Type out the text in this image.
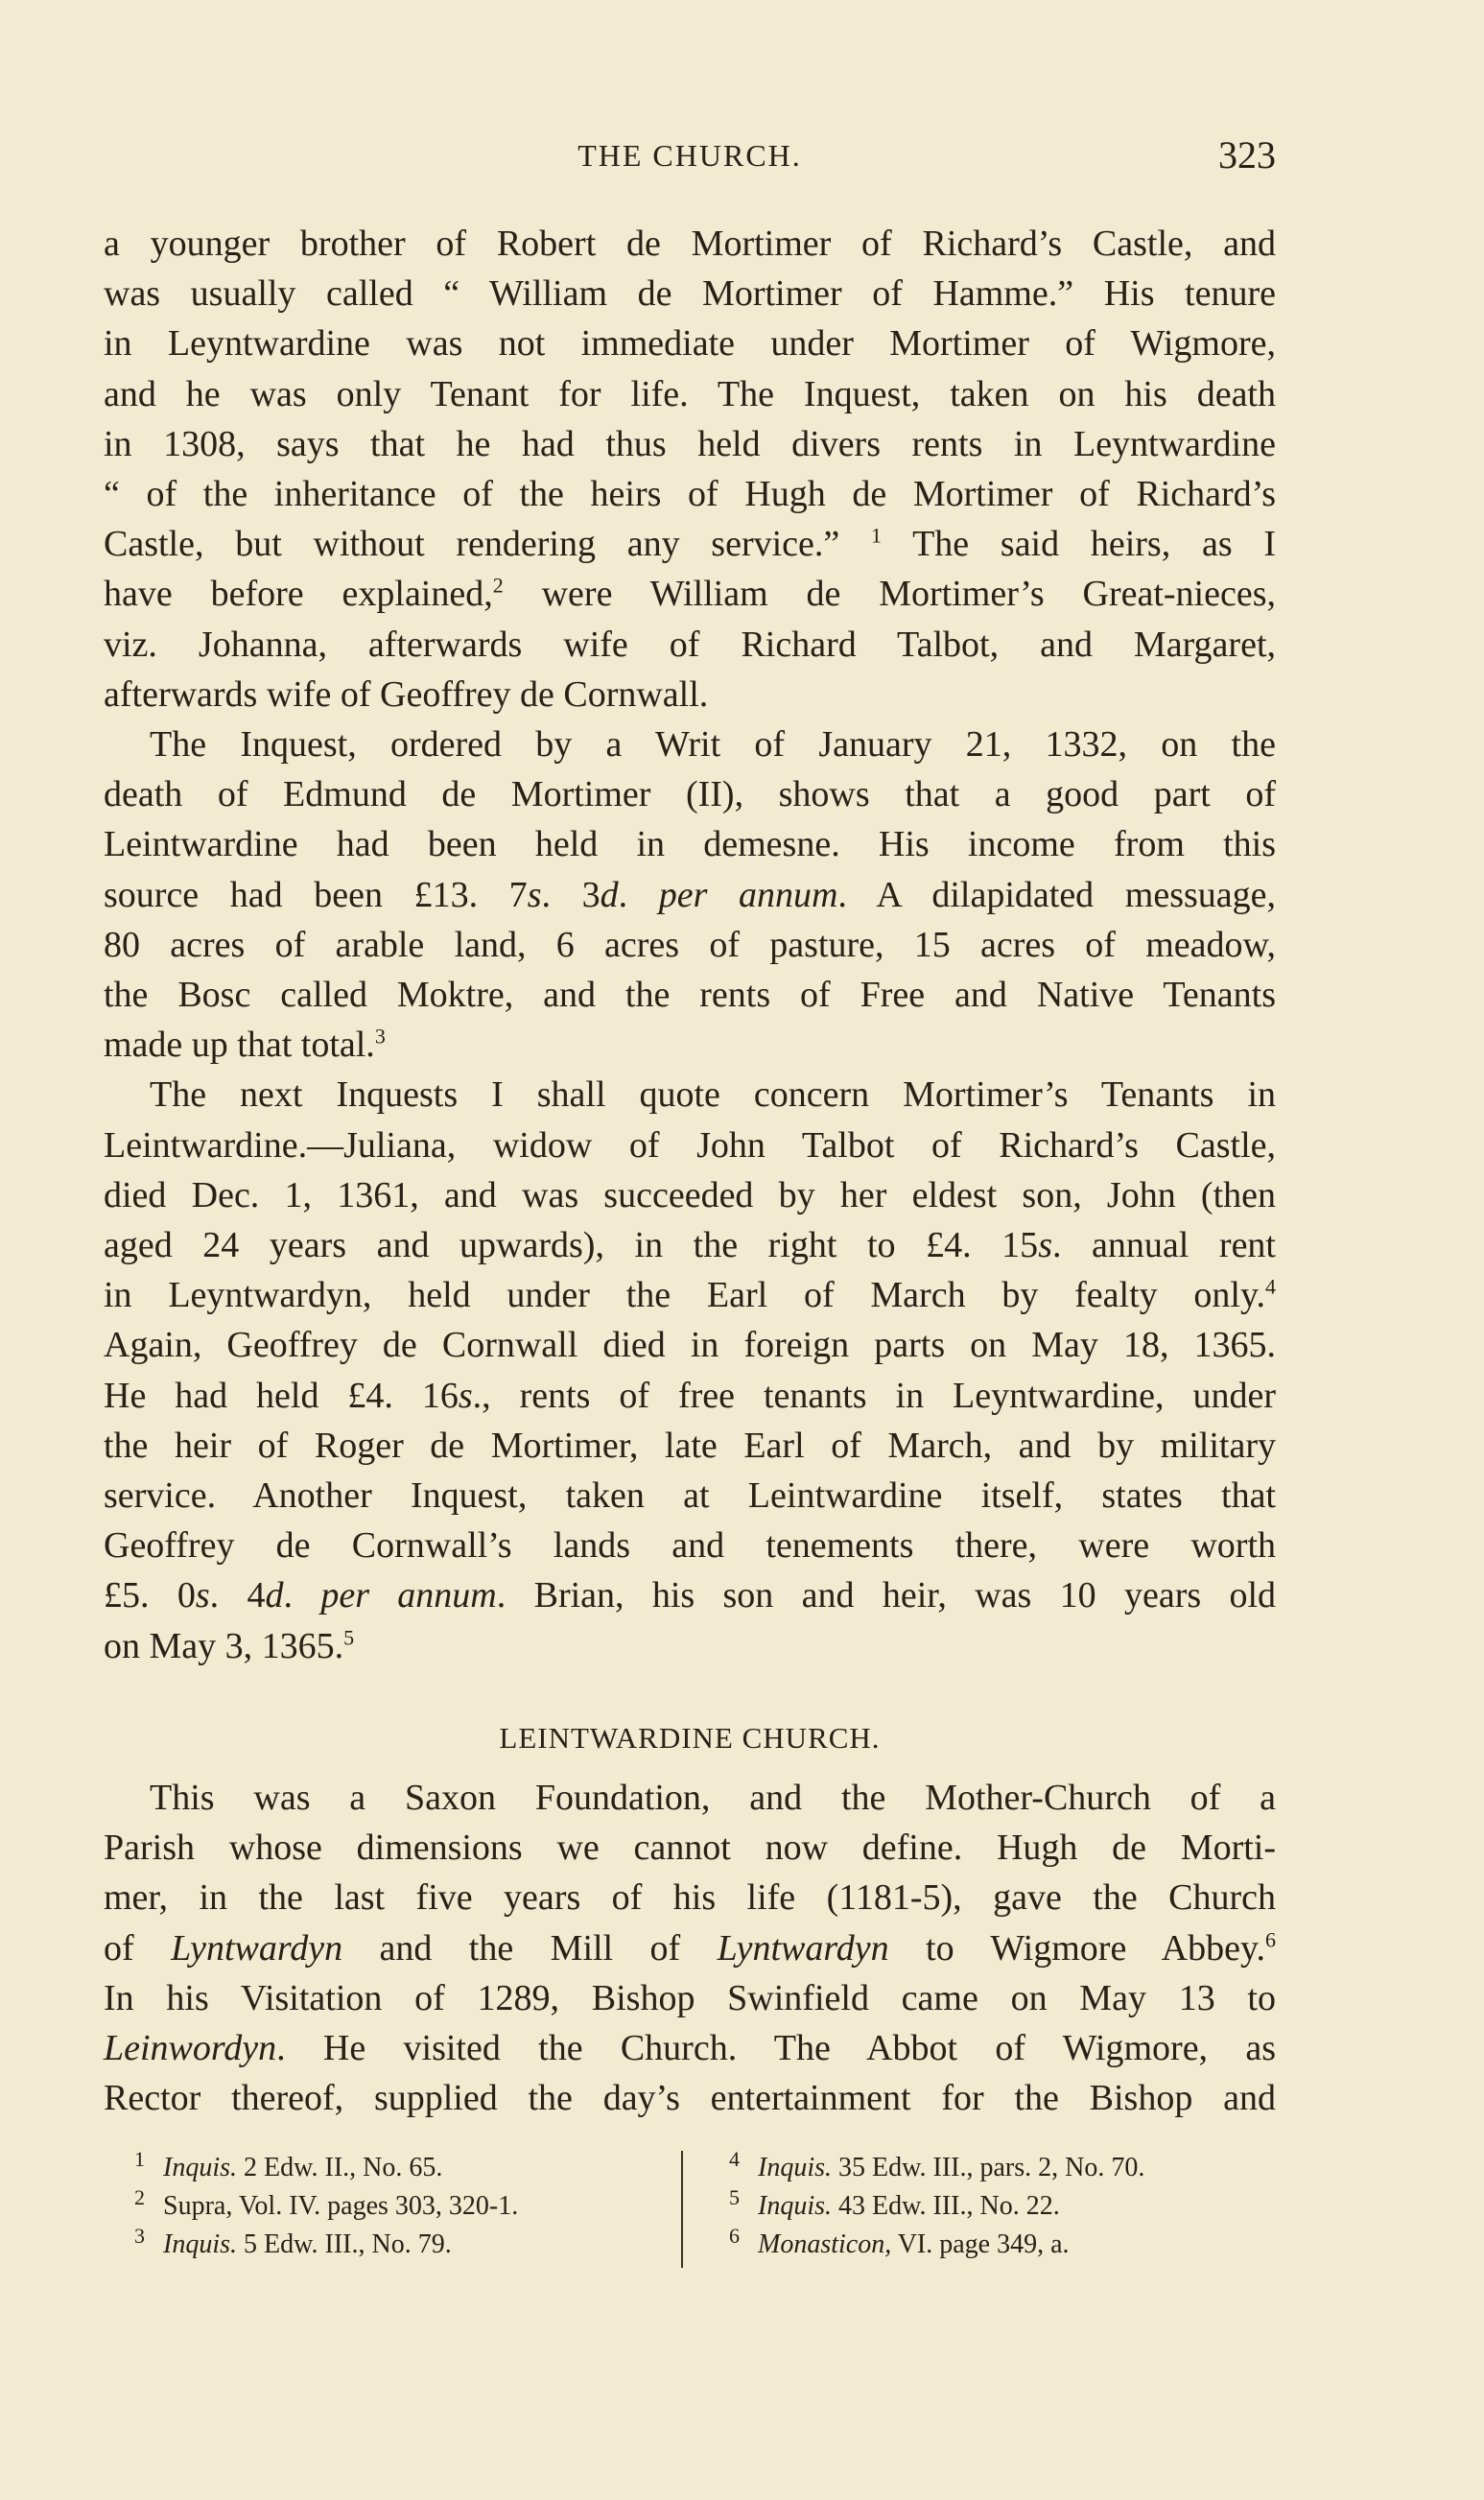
THE CHURCH.	323

a younger brother of Robert de Mortimer of Richard’s Castle, and
was usually called “ William de Mortimer of Hamme.” His tenure
in Leyntwardine was not immediate under Mortimer of Wigmore,
and he was only Tenant for life. The Inquest, taken on his death
in 1308, says that he had thus held divers rents in Leyntwardine
“ of the inheritance of the heirs of Hugh de Mortimer of Richard’s
Castle, but without rendering any service.” $^1$ The said heirs, as I
have before explained,$^2$ were William de Mortimer’s Great-nieces,
viz. Johanna, afterwards wife of Richard Talbot, and Margaret,
afterwards wife of Geoffrey de Cornwall.

The Inquest, ordered by a Writ of January 21, 1332, on the
death of Edmund de Mortimer (II), shows that a good part of
Leintwardine had been held in demesne. His income from this
source had been £13. 7s. 3d. per annum. A dilapidated messuage,
80 acres of arable land, 6 acres of pasture, 15 acres of meadow,
the Bosc called Moktre, and the rents of Free and Native Tenants
made up that total.$^3$

The next Inquests I shall quote concern Mortimer’s Tenants in
Leintwardine.—Juliana, widow of John Talbot of Richard’s Castle,
died Dec. 1, 1361, and was succeeded by her eldest son, John (then
aged 24 years and upwards), in the right to £4. 15s. annual rent
in Leyntwardyn, held under the Earl of March by fealty only.$^4$
Again, Geoffrey de Cornwall died in foreign parts on May 18, 1365.
He had held £4. 16s., rents of free tenants in Leyntwardine, under
the heir of Roger de Mortimer, late Earl of March, and by military
service. Another Inquest, taken at Leintwardine itself, states that
Geoffrey de Cornwall’s lands and tenements there, were worth
£5. 0s. 4d. per annum. Brian, his son and heir, was 10 years old
on May 3, 1365.$^5$

LEINTWARDINE CHURCH.

This was a Saxon Foundation, and the Mother-Church of a
Parish whose dimensions we cannot now define. Hugh de Morti-
mer, in the last five years of his life (1181-5), gave the Church
of Lyntwardyn and the Mill of Lyntwardyn to Wigmore Abbey.$^6$
In his Visitation of 1289, Bishop Swinfield came on May 13 to
Leinwordyn. He visited the Church. The Abbot of Wigmore, as
Rector thereof, supplied the day’s entertainment for the Bishop and

1 Inquis. 2 Edw. II., No. 65.
2 Supra, Vol. IV. pages 303, 320-1.
3 Inquis. 5 Edw. III., No. 79.
4 Inquis. 35 Edw. III., pars. 2, No. 70.
5 Inquis. 43 Edw. III., No. 22.
6 Monasticon, VI. page 349, a.
